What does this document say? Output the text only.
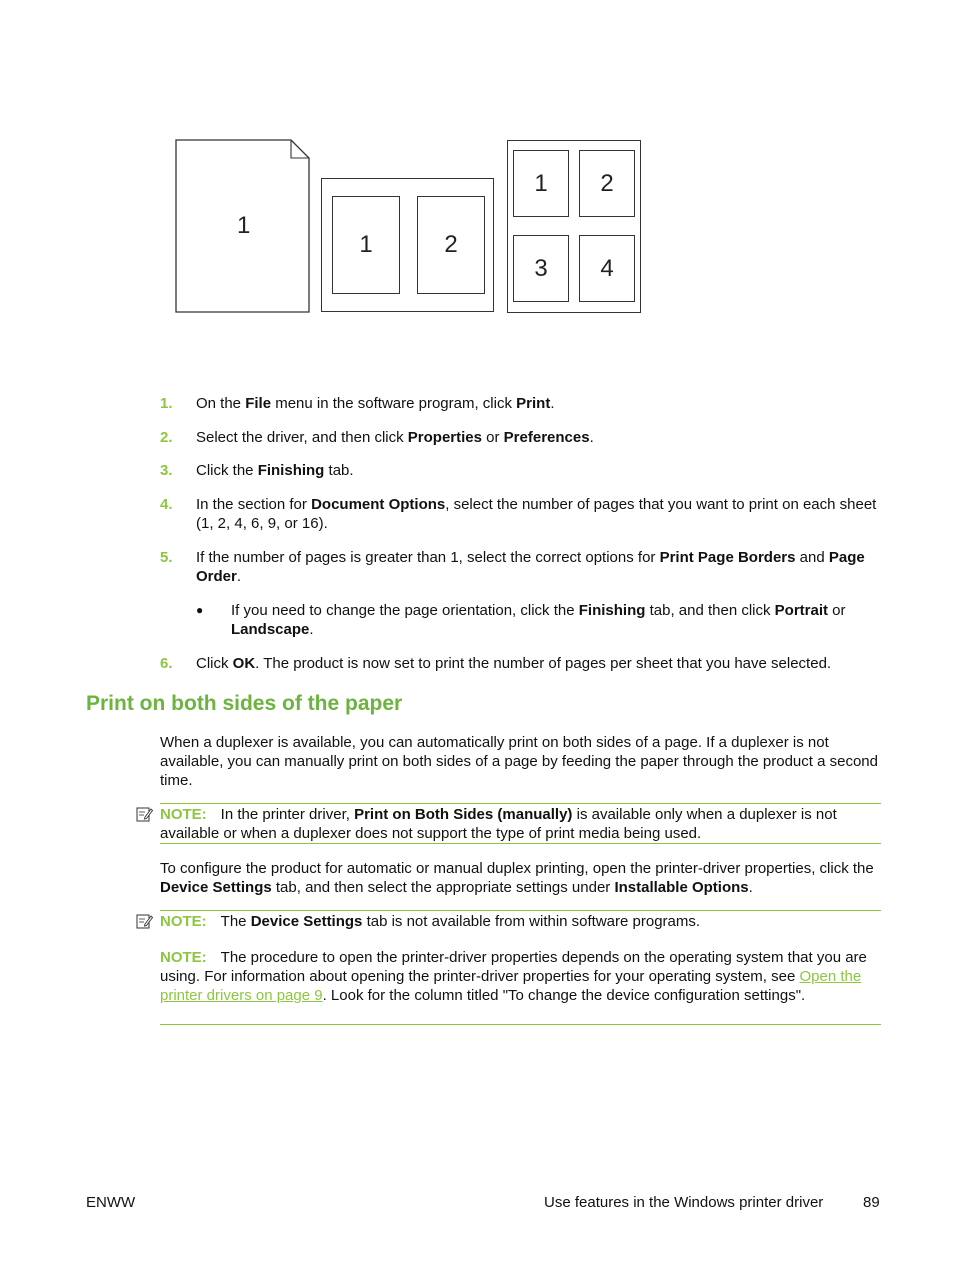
1
1	2
1 2
3 4
1. On the File menu in the software program, click Print.
2. Select the driver, and then click Properties or Preferences.
3. Click the Finishing tab.
4. In the section for Document Options, select the number of pages that you want to print on each sheet (1, 2, 4, 6, 9, or 16).
5. If the number of pages is greater than 1, select the correct options for Print Page Borders and Page Order.
● If you need to change the page orientation, click the Finishing tab, and then click Portrait or Landscape.
6. Click OK. The product is now set to print the number of pages per sheet that you have selected.
Print on both sides of the paper
When a duplexer is available, you can automatically print on both sides of a page. If a duplexer is not available, you can manually print on both sides of a page by feeding the paper through the product a second time.
NOTE: In the printer driver, Print on Both Sides (manually) is available only when a duplexer is not available or when a duplexer does not support the type of print media being used.
To configure the product for automatic or manual duplex printing, open the printer-driver properties, click the Device Settings tab, and then select the appropriate settings under Installable Options.
NOTE: The Device Settings tab is not available from within software programs.
NOTE: The procedure to open the printer-driver properties depends on the operating system that you are using. For information about opening the printer-driver properties for your operating system, see Open the printer drivers on page 9. Look for the column titled "To change the device configuration settings".
ENWW	Use features in the Windows printer driver	89
